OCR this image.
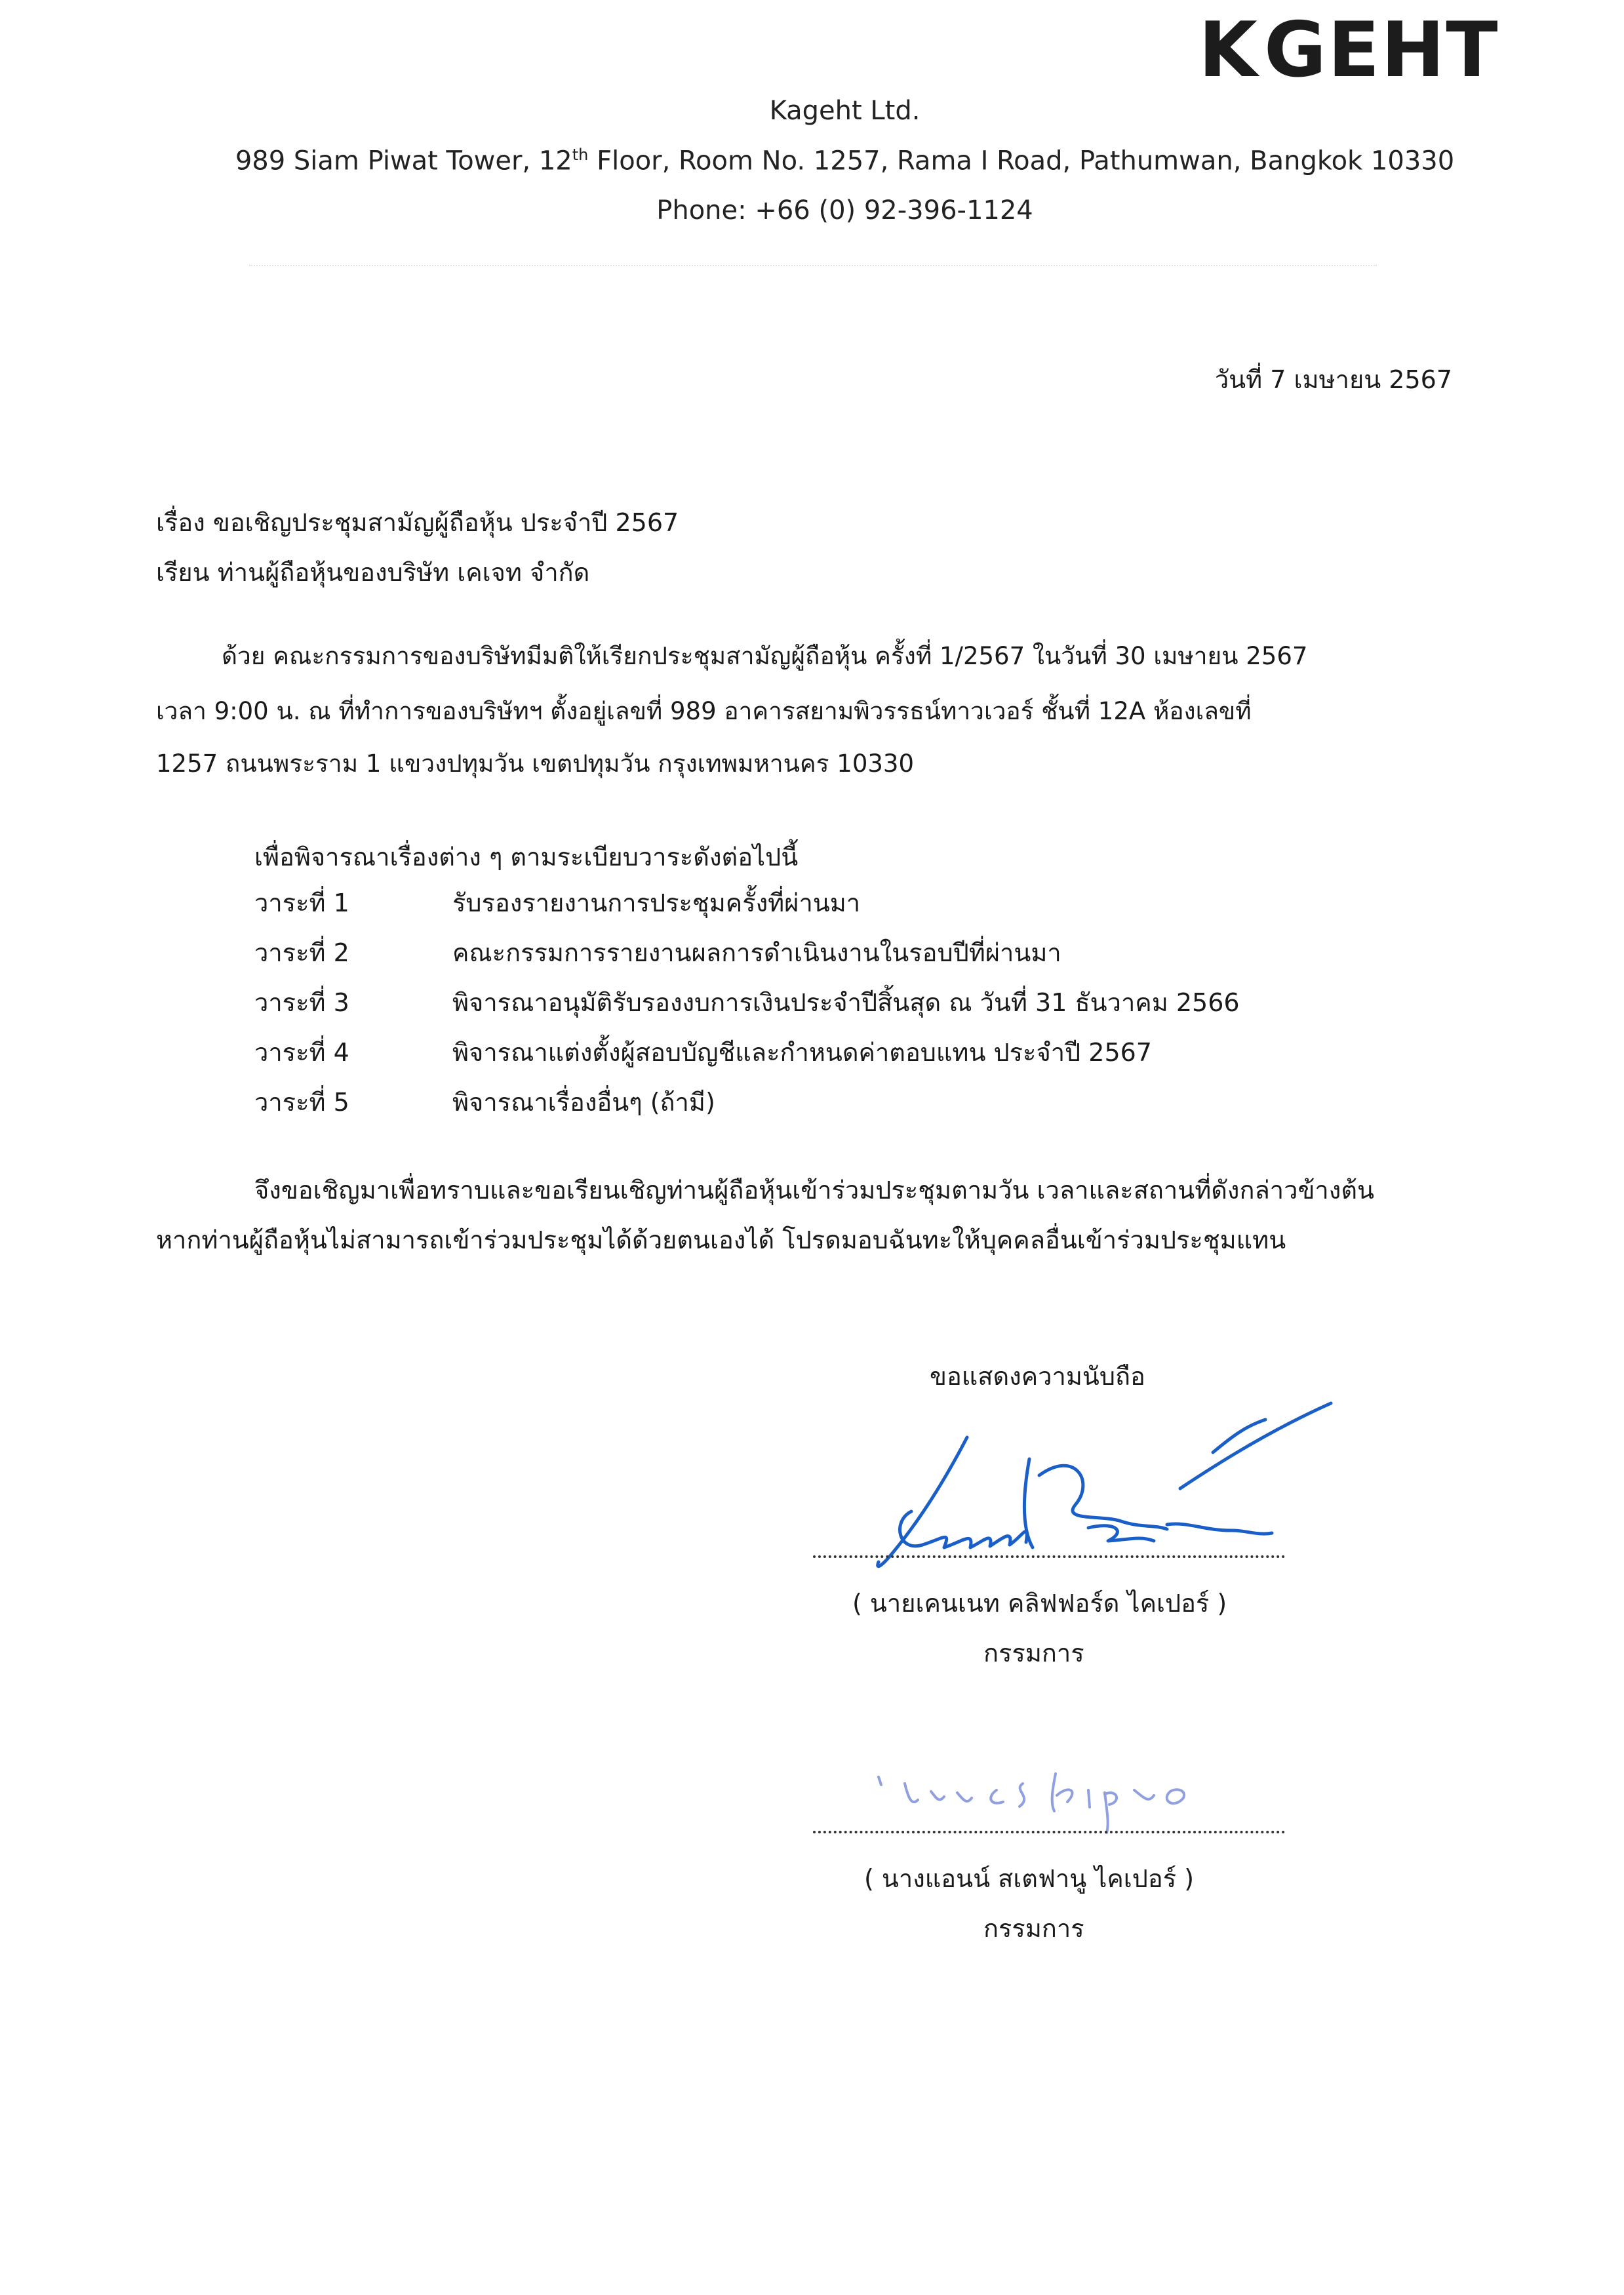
K GEHT
Kageht Ltd.
989 Siam Piwat Tower, 12th Floor, Room No. 1257, Rama I Road, Pathumwan, Bangkok 10330
Phone: +66 (0) 92-396-1124
วันที่ 7 เมษายน 2567
เรื่อง ขอเชิญประชุมสามัญผู้ถือหุ้น ประจำปี 2567
เรียน ท่านผู้ถือหุ้นของบริษัท เคเจท จำกัด
ด้วย คณะกรรมการของบริษัทมีมติให้เรียกประชุมสามัญผู้ถือหุ้น ครั้งที่ 1/2567 ในวันที่ 30 เมษายน 2567
เวลา 9:00 น. ณ ที่ทำการของบริษัทฯ ตั้งอยู่เลขที่ 989 อาคารสยามพิวรรธน์ทาวเวอร์ ชั้นที่ 12A ห้องเลขที่
1257 ถนนพระราม 1 แขวงปทุมวัน เขตปทุมวัน กรุงเทพมหานคร 10330
เพื่อพิจารณาเรื่องต่าง ๆ ตามระเบียบวาระดังต่อไปนี้
วาระที่ 1	รับรองรายงานการประชุมครั้งที่ผ่านมา
วาระที่ 2	คณะกรรมการรายงานผลการดำเนินงานในรอบปีที่ผ่านมา
วาระที่ 3	พิจารณาอนุมัติรับรองงบการเงินประจำปีสิ้นสุด ณ วันที่ 31 ธันวาคม 2566
วาระที่ 4	พิจารณาแต่งตั้งผู้สอบบัญชีและกำหนดค่าตอบแทน ประจำปี 2567
วาระที่ 5	พิจารณาเรื่องอื่นๆ (ถ้ามี)
จึงขอเชิญมาเพื่อทราบและขอเรียนเชิญท่านผู้ถือหุ้นเข้าร่วมประชุมตามวัน เวลาและสถานที่ดังกล่าวข้างต้น
หากท่านผู้ถือหุ้นไม่สามารถเข้าร่วมประชุมได้ด้วยตนเองได้ โปรดมอบฉันทะให้บุคคลอื่นเข้าร่วมประชุมแทน
ขอแสดงความนับถือ
( นายเคนเนท คลิฟฟอร์ด ไคเปอร์ )
กรรมการ
( นางแอนน์ สเตฟานู ไคเปอร์ )
กรรมการ
